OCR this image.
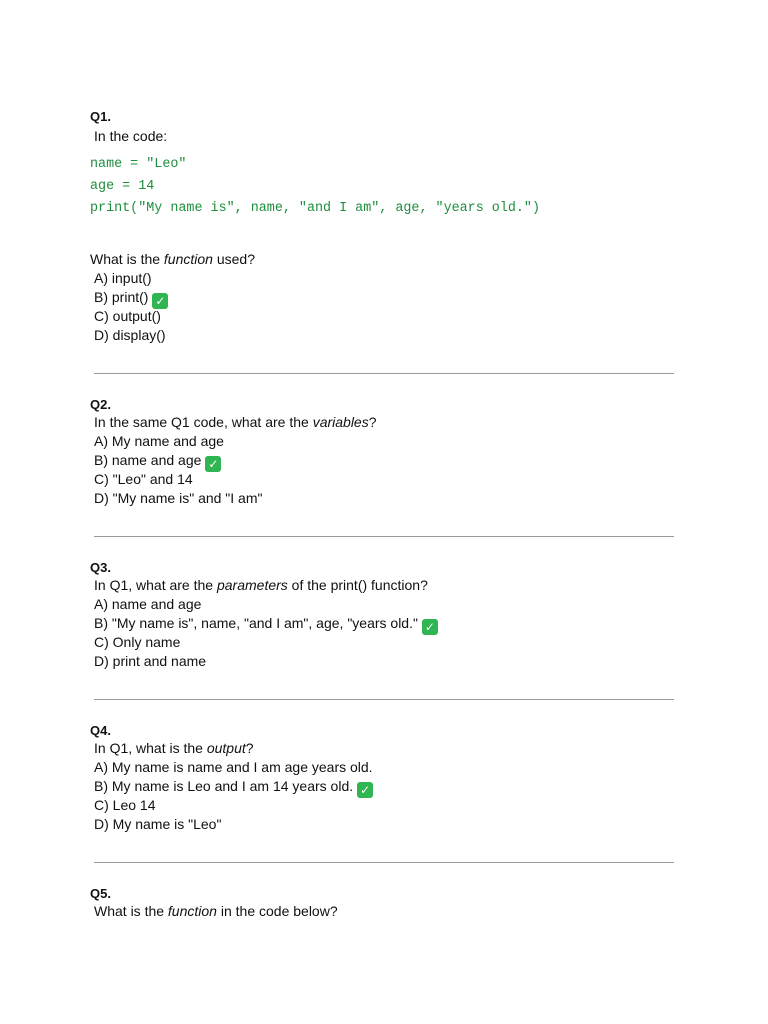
Q1.
In the code:
name = "Leo"
age = 14
print("My name is", name, "and I am", age, "years old.")
What is the function used?
A) input()
B) print() ✓
C) output()
D) display()
Q2.
In the same Q1 code, what are the variables?
A) My name and age
B) name and age ✓
C) "Leo" and 14
D) "My name is" and "I am"
Q3.
In Q1, what are the parameters of the print() function?
A) name and age
B) "My name is", name, "and I am", age, "years old." ✓
C) Only name
D) print and name
Q4.
In Q1, what is the output?
A) My name is name and I am age years old.
B) My name is Leo and I am 14 years old. ✓
C) Leo 14
D) My name is "Leo"
Q5.
What is the function in the code below?
